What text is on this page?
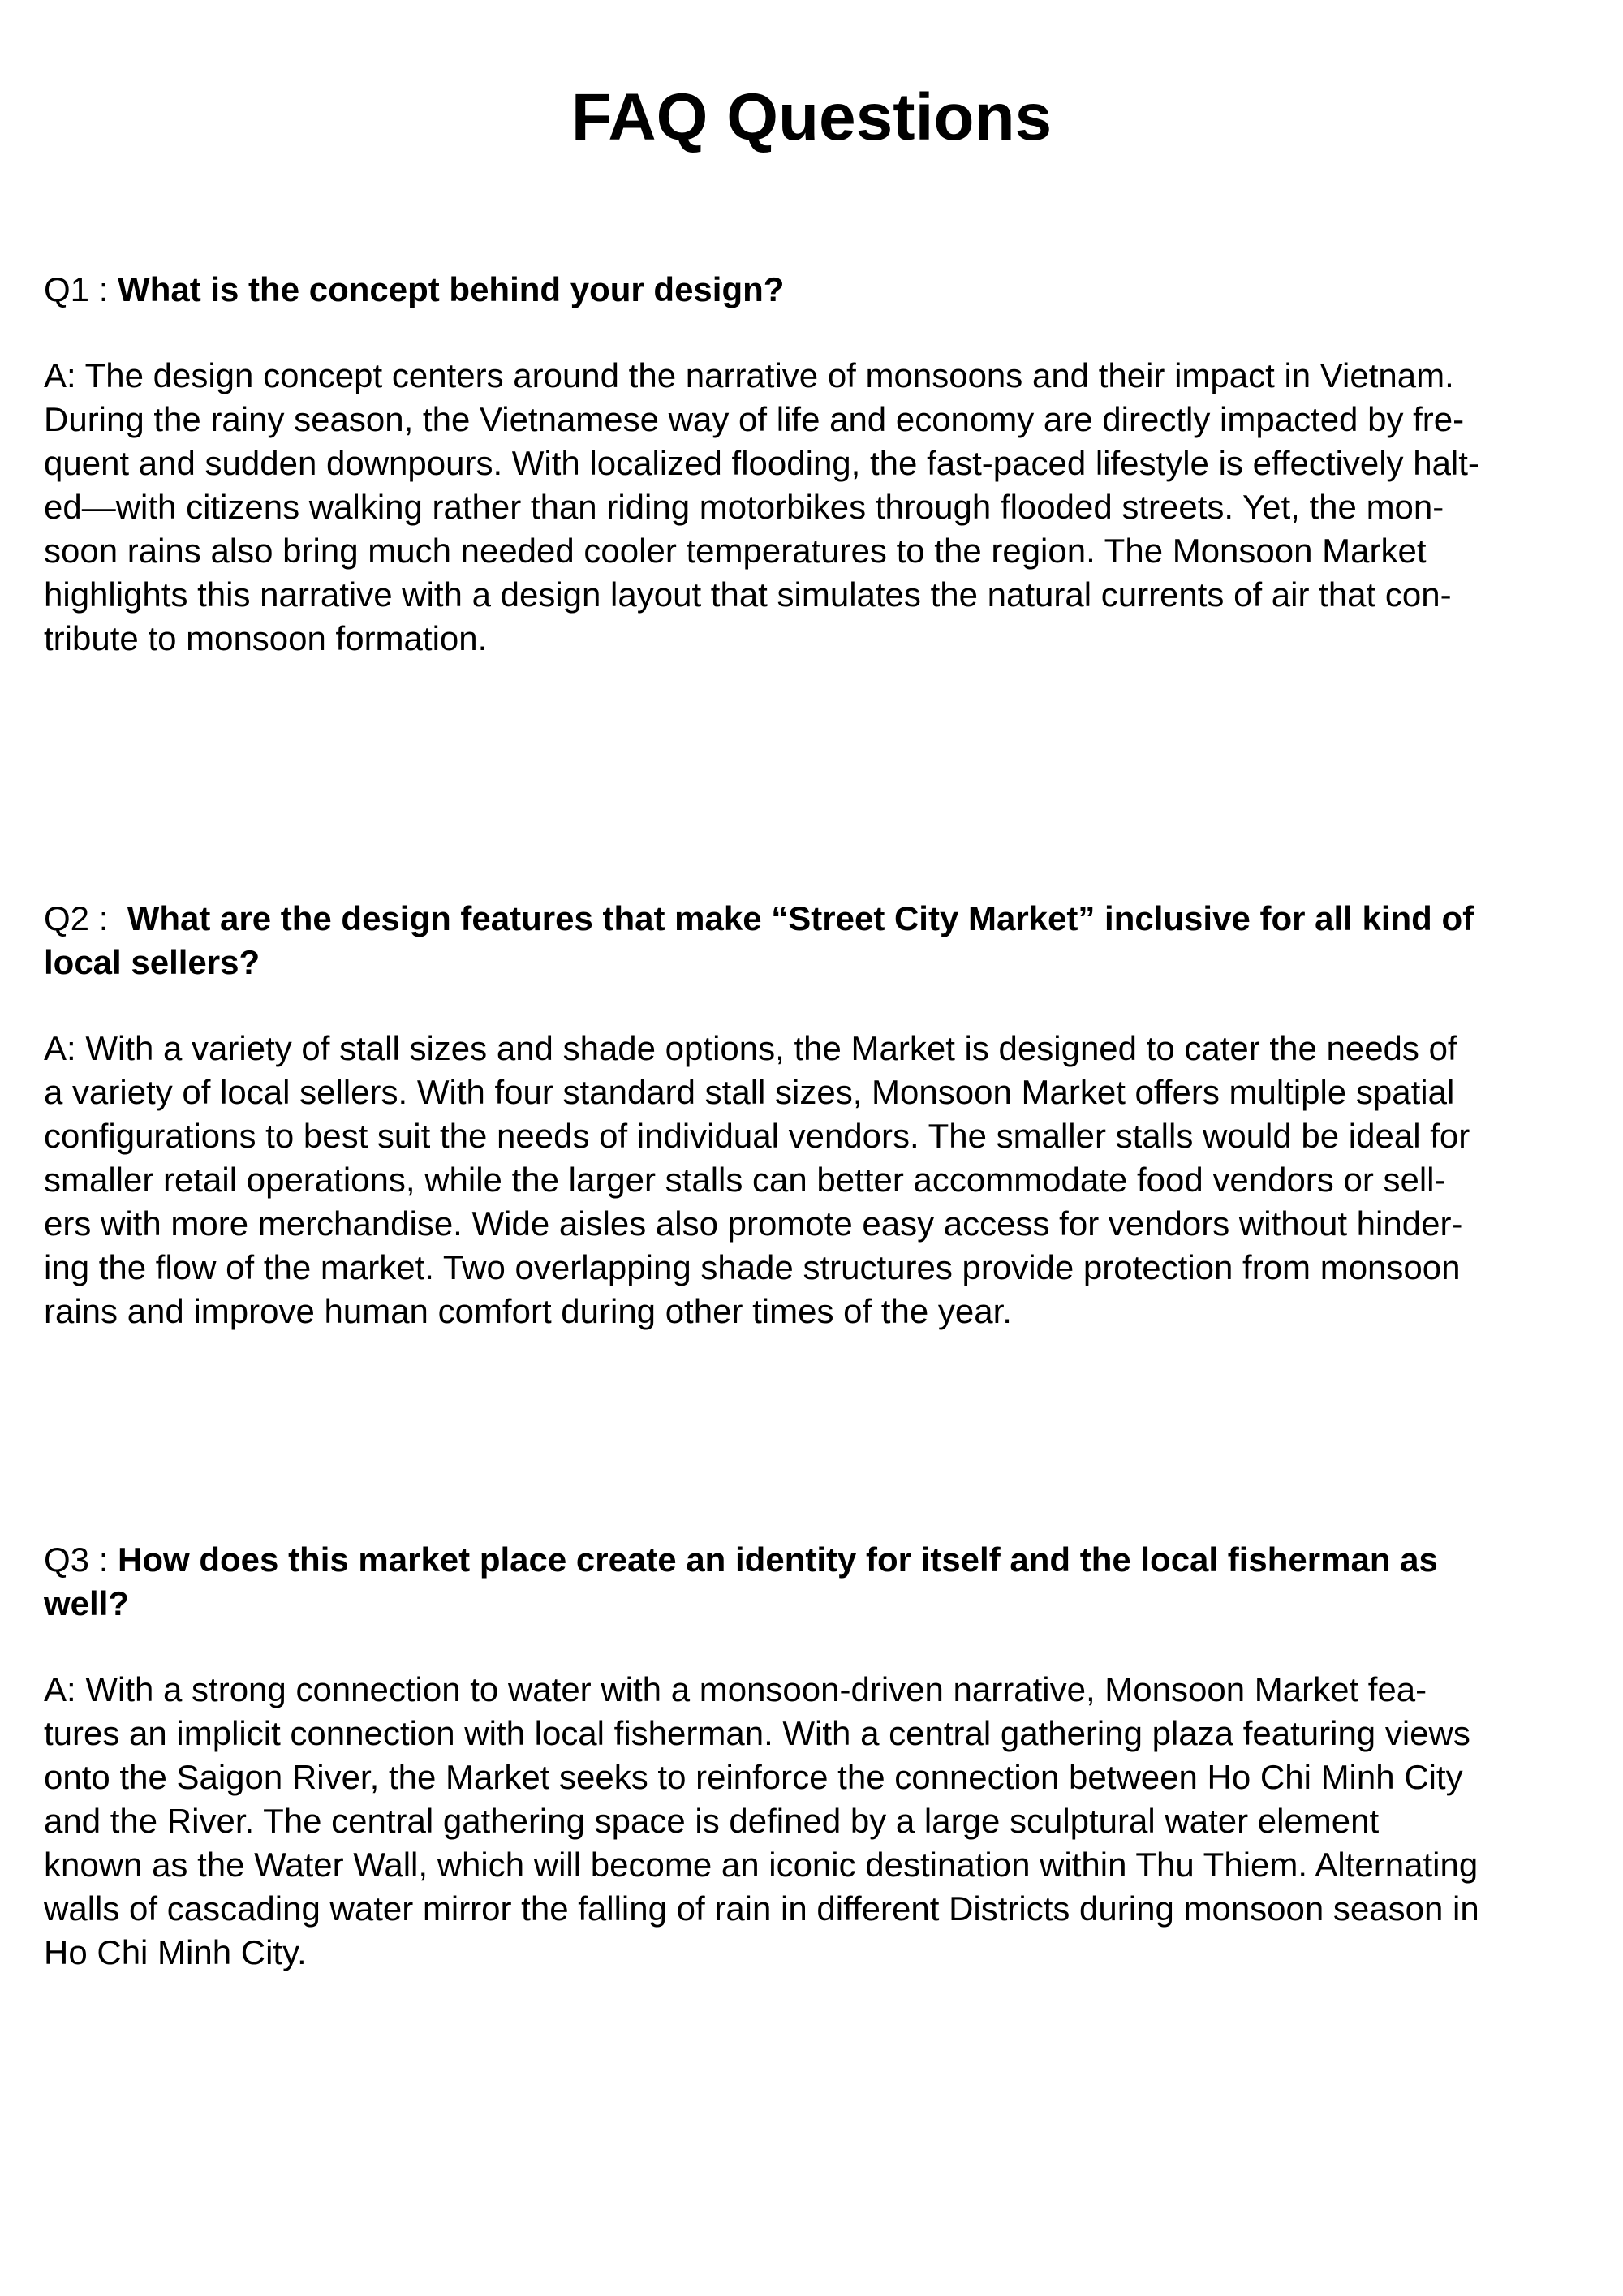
FAQ Questions

Q1 : What is the concept behind your design?

A: The design concept centers around the narrative of monsoons and their impact in Vietnam.
During the rainy season, the Vietnamese way of life and economy are directly impacted by fre-
quent and sudden downpours. With localized flooding, the fast-paced lifestyle is effectively halt-
ed—with citizens walking rather than riding motorbikes through flooded streets. Yet, the mon-
soon rains also bring much needed cooler temperatures to the region. The Monsoon Market
highlights this narrative with a design layout that simulates the natural currents of air that con-
tribute to monsoon formation.

Q2 :  What are the design features that make “Street City Market” inclusive for all kind of
local sellers?

A: With a variety of stall sizes and shade options, the Market is designed to cater the needs of
a variety of local sellers. With four standard stall sizes, Monsoon Market offers multiple spatial
configurations to best suit the needs of individual vendors. The smaller stalls would be ideal for
smaller retail operations, while the larger stalls can better accommodate food vendors or sell-
ers with more merchandise. Wide aisles also promote easy access for vendors without hinder-
ing the flow of the market. Two overlapping shade structures provide protection from monsoon
rains and improve human comfort during other times of the year.

Q3 : How does this market place create an identity for itself and the local fisherman as
well?

A: With a strong connection to water with a monsoon-driven narrative, Monsoon Market fea-
tures an implicit connection with local fisherman. With a central gathering plaza featuring views
onto the Saigon River, the Market seeks to reinforce the connection between Ho Chi Minh City
and the River. The central gathering space is defined by a large sculptural water element
known as the Water Wall, which will become an iconic destination within Thu Thiem. Alternating
walls of cascading water mirror the falling of rain in different Districts during monsoon season in
Ho Chi Minh City.
